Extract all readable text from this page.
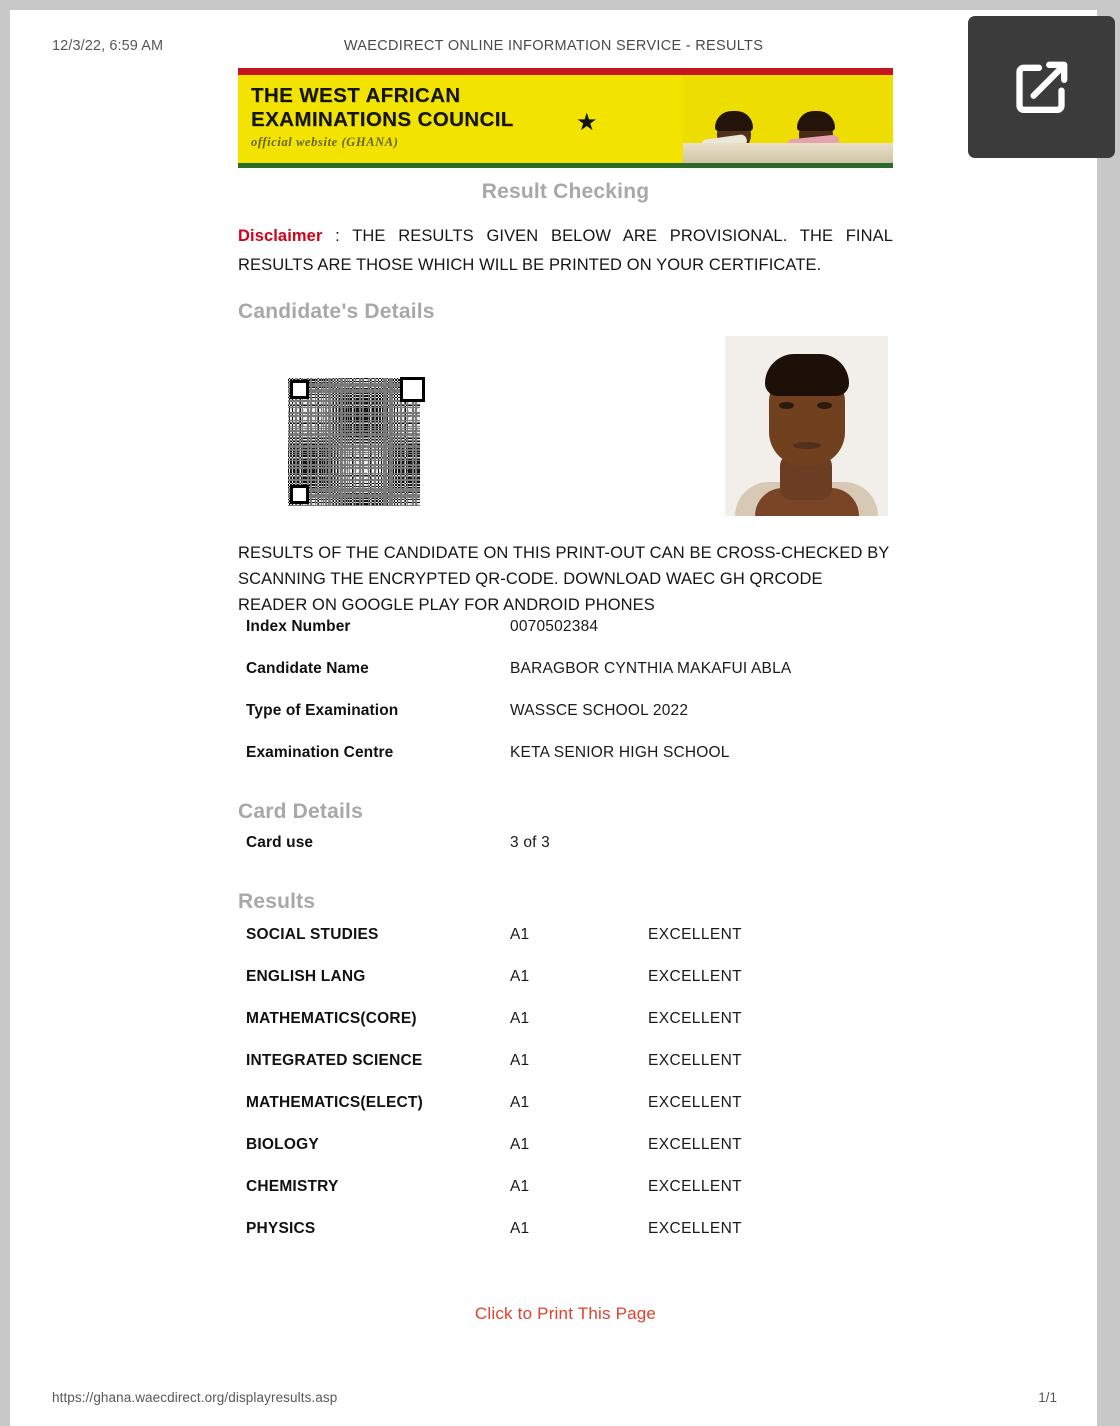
12/3/22, 6:59 AM	WAECDIRECT ONLINE INFORMATION SERVICE - RESULTS
THE WEST AFRICAN
EXAMINATIONS COUNCIL
official website (GHANA)
★
Result Checking
Disclaimer : THE RESULTS GIVEN BELOW ARE PROVISIONAL. THE FINAL RESULTS ARE THOSE WHICH WILL BE PRINTED ON YOUR CERTIFICATE.
Candidate's Details
RESULTS OF THE CANDIDATE ON THIS PRINT-OUT CAN BE CROSS-CHECKED BY SCANNING THE ENCRYPTED QR-CODE. DOWNLOAD WAEC GH QRCODE READER ON GOOGLE PLAY FOR ANDROID PHONES
Index Number	0070502384
Candidate Name	BARAGBOR CYNTHIA MAKAFUI ABLA
Type of Examination	WASSCE SCHOOL 2022
Examination Centre	KETA SENIOR HIGH SCHOOL
Card Details
Card use	3 of 3
Results
SOCIAL STUDIES	A1	EXCELLENT
ENGLISH LANG	A1	EXCELLENT
MATHEMATICS(CORE)	A1	EXCELLENT
INTEGRATED SCIENCE	A1	EXCELLENT
MATHEMATICS(ELECT)	A1	EXCELLENT
BIOLOGY	A1	EXCELLENT
CHEMISTRY	A1	EXCELLENT
PHYSICS	A1	EXCELLENT
Click to Print This Page
https://ghana.waecdirect.org/displayresults.asp	1/1
